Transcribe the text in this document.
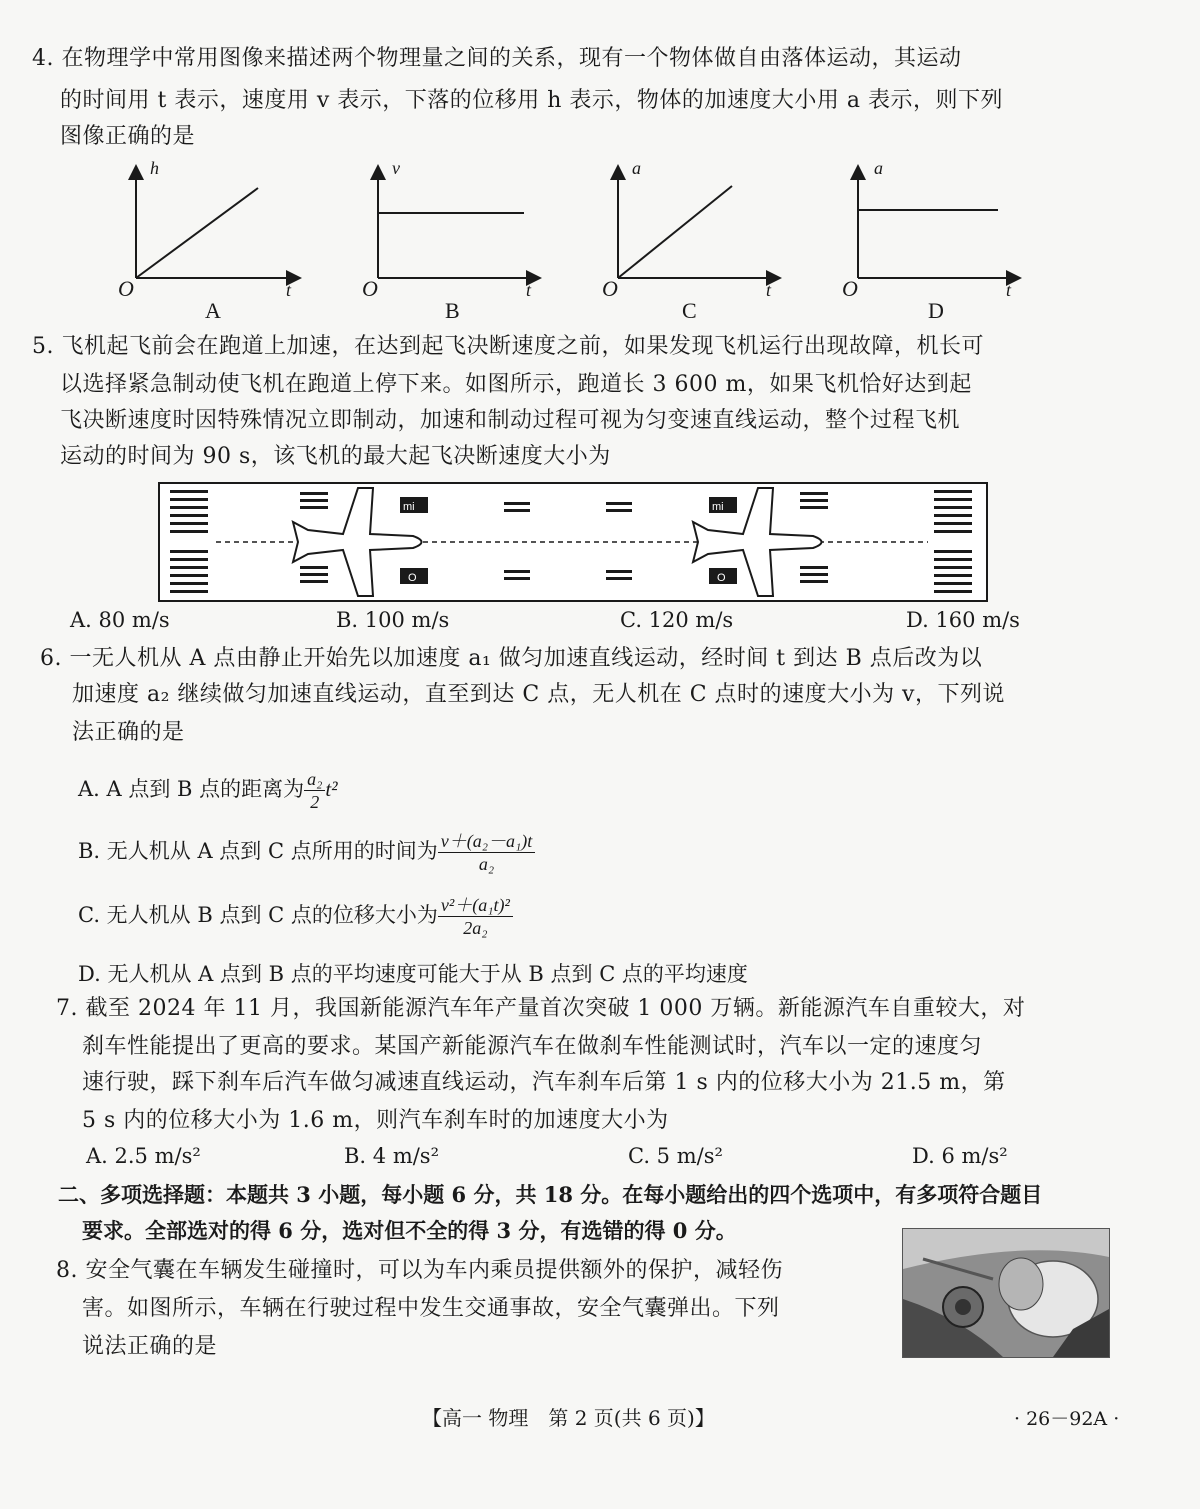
4. 在物理学中常用图像来描述两个物理量之间的关系，现有一个物体做自由落体运动，其运动
的时间用 t 表示，速度用 v 表示，下落的位移用 h 表示，物体的加速度大小用 a 表示，则下列
图像正确的是
h
O	t
A
v
O	t
B
a
O	t
C
a
O	t
D
5. 飞机起飞前会在跑道上加速，在达到起飞决断速度之前，如果发现飞机运行出现故障，机长可
以选择紧急制动使飞机在跑道上停下来。如图所示，跑道长 3 600 m，如果飞机恰好达到起
飞决断速度时因特殊情况立即制动，加速和制动过程可视为匀变速直线运动，整个过程飞机
运动的时间为 90 s，该飞机的最大起飞决断速度大小为
mi
O
mi
O
A. 80 m/s	B. 100 m/s	C. 120 m/s	D. 160 m/s
6. 一无人机从 A 点由静止开始先以加速度 a₁ 做匀加速直线运动，经时间 t 到达 B 点后改为以
加速度 a₂ 继续做匀加速直线运动，直至到达 C 点，无人机在 C 点时的速度大小为 v，下列说
法正确的是
A. A 点到 B 点的距离为 $\frac{\text{a₂}}{2} t^2$
B. 无人机从 A 点到 C 点所用的时间为 $\frac{\text{v＋(a₂－a₁)t}}{\text{a₂}}$
C. 无人机从 B 点到 C 点的位移大小为 $\frac{\text{v²＋(a₁t)²}}{\text{2a₂}}$
D. 无人机从 A 点到 B 点的平均速度可能大于从 B 点到 C 点的平均速度
7. 截至 2024 年 11 月，我国新能源汽车年产量首次突破 1 000 万辆。新能源汽车自重较大，对
刹车性能提出了更高的要求。某国产新能源汽车在做刹车性能测试时，汽车以一定的速度匀
速行驶，踩下刹车后汽车做匀减速直线运动，汽车刹车后第 1 s 内的位移大小为 21.5 m，第
5 s 内的位移大小为 1.6 m，则汽车刹车时的加速度大小为
A. 2.5 m/s²	B. 4 m/s²	C. 5 m/s²	D. 6 m/s²
二、多项选择题：本题共 3 小题，每小题 6 分，共 18 分。在每小题给出的四个选项中，有多项符合题目
要求。全部选对的得 6 分，选对但不全的得 3 分，有选错的得 0 分。
8. 安全气囊在车辆发生碰撞时，可以为车内乘员提供额外的保护，减轻伤
害。如图所示，车辆在行驶过程中发生交通事故，安全气囊弹出。下列
说法正确的是
【高一 物理　第 2 页(共 6 页)】	· 26－92A ·
